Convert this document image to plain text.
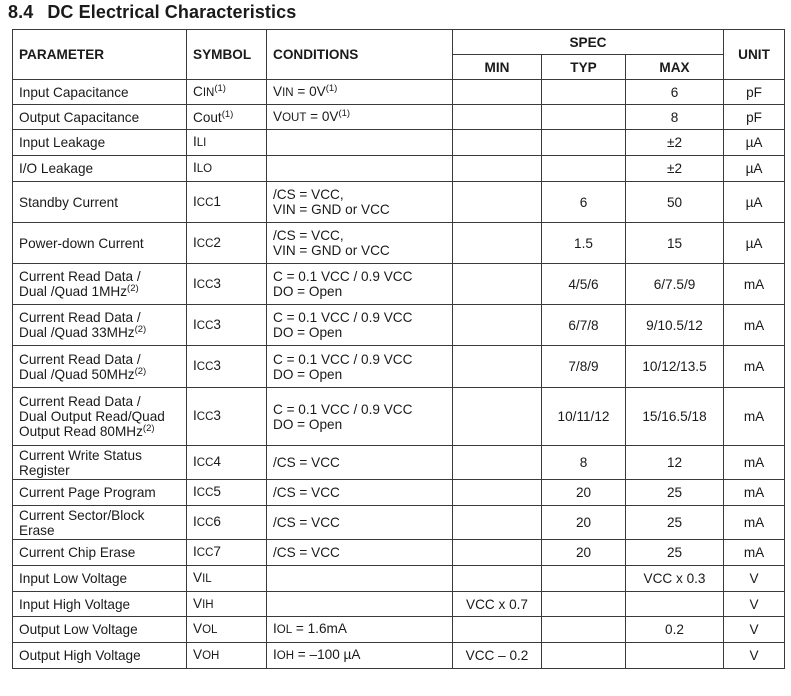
8.4 DC Electrical Characteristics
PARAMETER	SYMBOL	CONDITIONS	SPEC			UNIT
			MIN	TYP	MAX	

Input Capacitance	CIN$^{(1)}$	VIN = $0V^{(1)}$			6	pF

Output Capacitance	Cout$^{(1)}$	VOUT = $0V^{(1)}$			8	pF

Input Leakage	ILI				±2	µA

I/O Leakage	ILO				±2	µA

Standby Current	ICC1	/CS = VCC,
VIN = GND or VCC		6	50	µA

Power-down Current	ICC2	/CS = VCC,
VIN = GND or VCC		1.5	15	µA

Current Read Data /
Dual /Quad 1MHz$^{(2)}$	ICC3	C = 0.1 VCC / 0.9 VCC
DO = Open		4/5/6	6/7.5/9	mA

Current Read Data /
Dual /Quad 33MHz$^{(2)}$	ICC3	C = 0.1 VCC / 0.9 VCC
DO = Open		6/7/8	9/10.5/12	mA

Current Read Data /
Dual /Quad 50MHz$^{(2)}$	ICC3	C = 0.1 VCC / 0.9 VCC
DO = Open		7/8/9	10/12/13.5	mA

Current Read Data /
Dual Output Read/Quad
Output Read 80MHz$^{(2)}$	ICC3	C = 0.1 VCC / 0.9 VCC
DO = Open		10/11/12	15/16.5/18	mA

Current Write Status
Register	ICC4	/CS = VCC		8	12	mA

Current Page Program	ICC5	/CS = VCC		20	25	mA

Current Sector/Block
Erase	ICC6	/CS = VCC		20	25	mA

Current Chip Erase	ICC7	/CS = VCC		20	25	mA

Input Low Voltage	VIL				VCC x 0.3	V

Input High Voltage	VIH		VCC x 0.7			V

Output Low Voltage	VOL	IOL = 1.6mA			0.2	V

Output High Voltage	VOH	IOH = –100 µA	VCC – 0.2			V
